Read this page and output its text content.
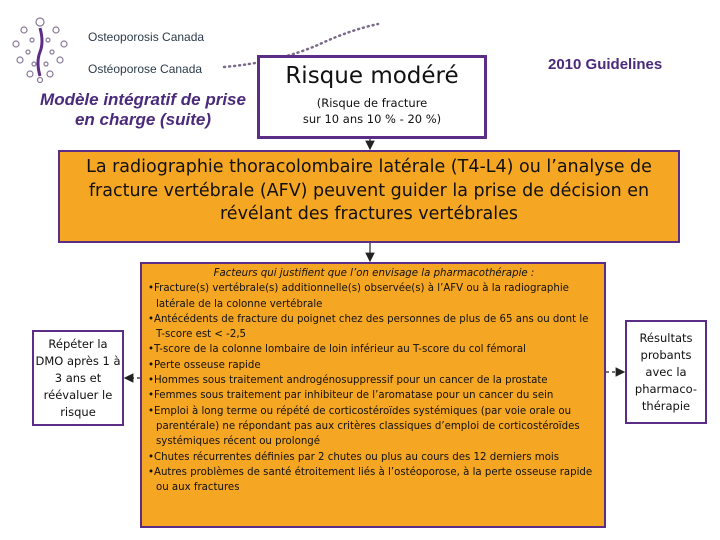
Osteoporosis Canada
Ostéoporose Canada
Modèle intégratif de prise en charge (suite)
2010 Guidelines
Risque modéré
(Risque de fracture
sur 10 ans 10 % - 20 %)
La radiographie thoracolombaire latérale (T4-L4) ou l’analyse de fracture vertébrale (AFV) peuvent guider la prise de décision en révélant des fractures vertébrales
Facteurs qui justifient que l’on envisage la pharmacothérapie :
•Fracture(s) vertébrale(s) additionnelle(s) observée(s) à l’AFV ou à la radiographie latérale de la colonne vertébrale
•Antécédents de fracture du poignet chez des personnes de plus de 65 ans ou dont le T-score est < -2,5
•T-score de la colonne lombaire de loin inférieur au T-score du col fémoral
•Perte osseuse rapide
•Hommes sous traitement androgénosuppressif pour un cancer de la prostate
•Femmes sous traitement par inhibiteur de l’aromatase pour un cancer du sein
•Emploi à long terme ou répété de corticostéroïdes systémiques (par voie orale ou parentérale) ne répondant pas aux critères classiques d’emploi de corticostéroïdes systémiques récent ou prolongé
•Chutes récurrentes définies par 2 chutes ou plus au cours des 12 derniers mois
•Autres problèmes de santé étroitement liés à l’ostéoporose, à la perte osseuse rapide ou aux fractures
Répéter la DMO après 1 à 3 ans et réévaluer le risque
Résultats probants avec la pharmaco-thérapie
